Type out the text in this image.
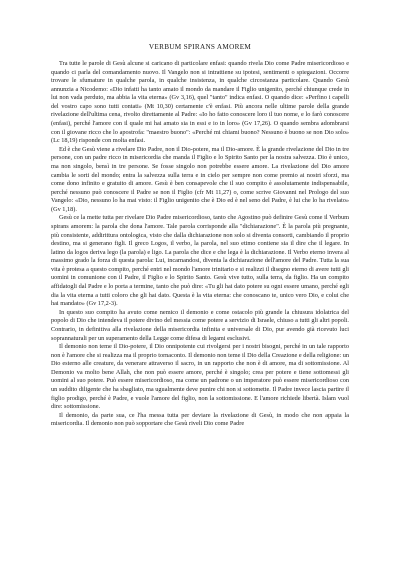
VERBUM SPIRANS AMOREM

Tra tutte le parole di Gesù alcune si caricano di particolare enfasi: quando rivela Dio come Padre misericordioso e quando ci parla del comandamento nuovo. Il Vangelo non si intrattiene su ipotesi, sentimenti o spiegazioni. Occorre trovare le sfumature in qualche parola, in qualche insistenza, in qualche circostanza particolare. Quando Gesù annunzia a Nicodemo: «Dio infatti ha tanto amato il mondo da mandare il Figlio unigenito, perché chiunque crede in lui non vada perduto, ma abbia la vita eterna» (Gv 3,16), quel "tanto" indica enfasi. O quando dice: «Perfino i capelli del vostro capo sono tutti contati» (Mt 10,30) certamente c'è enfasi. Più ancora nelle ultime parole della grande rivelazione dell'ultima cena, rivolto direttamente al Padre: «Io ho fatto conoscere loro il tuo nome, e lo farò conoscere (enfasi), perché l'amore con il quale mi hai amato sia in essi e io in loro» (Gv 17,26). O quando sembra adombrarsi con il giovane ricco che lo apostrofa: "maestro buono": «Perché mi chiami buono? Nessuno è buono se non Dio solo» (Lc 18,19) risponde con molta enfasi.

Ed è che Gesù viene a rivelare Dio Padre, non il Dio-potere, ma il Dio-amore. È la grande rivelazione del Dio in tre persone, con un padre ricco in misericordia che manda il Figlio e lo Spirito Santo per la nostra salvezza. Dio è unico, ma non singolo, bensì in tre persone. Se fosse singolo non potrebbe essere amore. La rivelazione del Dio amore cambia le sorti del mondo; entra la salvezza sulla terra e in cielo per sempre non come premio ai nostri sforzi, ma come dono infinito e gratuito di amore. Gesù è ben consapevole che il suo compito è assolutamente indispensabile, perché nessuno può conoscere il Padre se non il Figlio (cfr Mt 11,27) o, come scrive Giovanni nel Prologo del suo Vangelo: «Dio, nessuno lo ha mai visto: il Figlio unigenito che è Dio ed è nel seno del Padre, è lui che lo ha rivelato» (Gv 1,18).

Gesù ce la mette tutta per rivelare Dio Padre misericordioso, tanto che Agostino può definire Gesù come il Verbum spirans amorem: la parola che dona l'amore. Tale parola corrisponde alla "dichiarazione". È la parola più pregnante, più consistente, addirittura ontologica, visto che dalla dichiarazione non solo si diventa consorti, cambiando il proprio destino, ma si generano figli. Il greco Logos, il verbo, la parola, nel suo etimo contiene sia il dire che il legare. In latino da logos deriva lego (la parola) e ligo. La parola che dice e che lega è la dichiarazione. Il Verbo eterno invera al massimo grado la forza di questa parola: Lui, incarnandosi, diventa la dichiarazione dell'amore del Padre. Tutta la sua vita è protesa a questo compito, perché entri nel mondo l'amore trinitario e si realizzi il disegno eterno di avere tutti gli uomini in comunione con il Padre, il Figlio e lo Spirito Santo. Gesù vive tutto, sulla terra, da figlio. Ha un compito affidatogli dal Padre e lo porta a termine, tanto che può dire: «Tu gli hai dato potere su ogni essere umano, perché egli dia la vita eterna a tutti coloro che gli hai dato. Questa è la vita eterna: che conoscano te, unico vero Dio, e colui che hai mandato» (Gv 17,2-3).

In questo suo compito ha avuto come nemico il demonio e come ostacolo più grande la chiusura idolatrica del popolo di Dio che intendeva il potere divino del messia come potere a servizio di Israele, chiuso a tutti gli altri popoli. Contrario, in definitiva alla rivelazione della misericordia infinita e universale di Dio, pur avendo già ricevuto luci soprannaturali per un superamento della Legge come difesa di legami esclusivi.

Il demonio non teme il Dio-potere, il Dio onnipotente cui rivolgersi per i nostri bisogni, perché in un tale rapporto non è l'amore che si realizza ma il proprio tornaconto. Il demonio non teme il Dio della Creazione e della religione: un Dio esterno alle creature, da venerare attraverso il sacro, in un rapporto che non è di amore, ma di sottomissione. Al Demonio va molto bene Allah, che non può essere amore, perché è singolo; crea per potere e tiene sottomessi gli uomini al suo potere. Può essere misericordioso, ma come un padrone o un imperatore può essere misericordioso con un suddito diligente che ha sbagliato, ma ugualmente deve punire chi non si sottomette. Il Padre invece lascia partire il figlio prodigo, perché è Padre, e vuole l'amore del figlio, non la sottomissione. E l'amore richiede libertà. Islam vuol dire: sottomissione.

Il demonio, da parte sua, ce l'ha messa tutta per deviare la rivelazione di Gesù, in modo che non appaia la misericordia. Il demonio non può sopportare che Gesù riveli Dio come Padre
